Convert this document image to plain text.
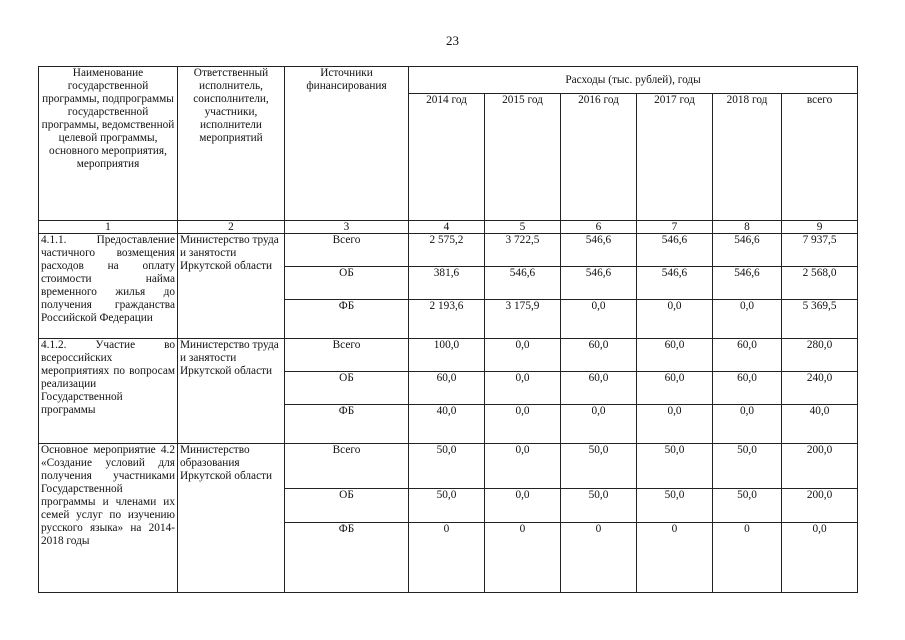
23
Наименование государственной программы, подпрограммы государственной программы, ведомственной целевой программы, основного мероприятия, мероприятия	Ответственный исполнитель, соисполнители, участники, исполнители мероприятий	Источники финансирования	Расходы (тыс. рублей), годы					
			2014 год	2015 год	2016 год	2017 год	2018 год	всего
1	2	3	4	5	6	7	8	9
4.1.1. Предоставление частичного возмещения расходов на оплату стоимости найма временного жилья до получения гражданства Российской Федерации	Министерство труда и занятости Иркутской области	Всего	2 575,2	3 722,5	546,6	546,6	546,6	7 937,5
		ОБ	381,6	546,6	546,6	546,6	546,6	2 568,0
		ФБ	2 193,6	3 175,9	0,0	0,0	0,0	5 369,5
4.1.2. Участие во всероссийских мероприятиях по вопросам реализации Государственной программы	Министерство труда и занятости Иркутской области	Всего	100,0	0,0	60,0	60,0	60,0	280,0
		ОБ	60,0	0,0	60,0	60,0	60,0	240,0
		ФБ	40,0	0,0	0,0	0,0	0,0	40,0
Основное мероприятие 4.2 «Создание условий для получения участниками Государственной программы и членами их семей услуг по изучению русского языка» на 2014-2018 годы	Министерство образования Иркутской области	Всего	50,0	0,0	50,0	50,0	50,0	200,0
		ОБ	50,0	0,0	50,0	50,0	50,0	200,0
		ФБ	0	0	0	0	0	0,0
